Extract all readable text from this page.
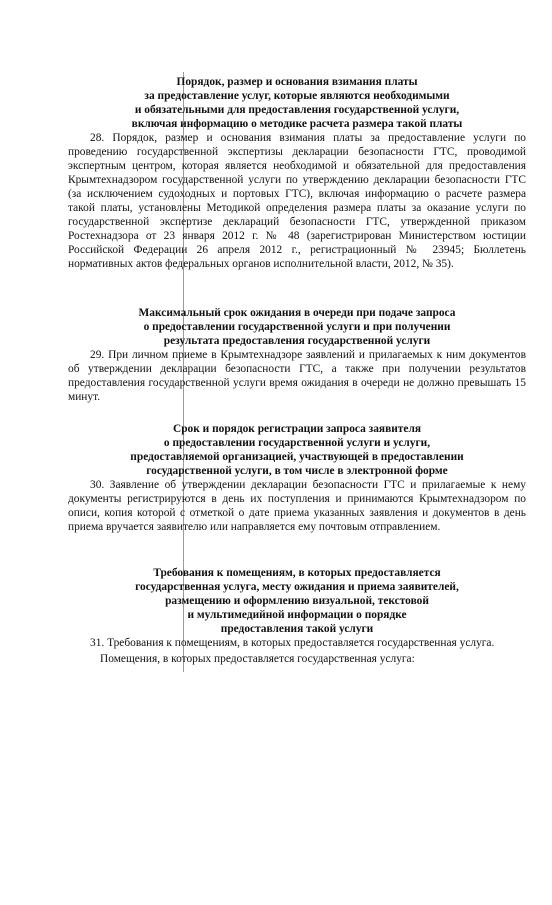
Порядок, размер и основания взимания платы

за предоставление услуг, которые являются необходимыми

и обязательными для предоставления государственной услуги,

включая информацию о методике расчета размера такой платы

28. Порядок, размер и основания взимания платы за предоставление услуги по проведению государственной экспертизы декларации безопасности ГТС, проводимой экспертным центром, которая является необходимой и обязательной для предоставления Крымтехнадзором государственной услуги по утверждению декларации безопасности ГТС (за исключением судоходных и портовых ГТС), включая информацию о расчете размера такой платы, установлены Методикой определения размера платы за оказание услуги по государственной экспертизе деклараций безопасности ГТС, утвержденной приказом Ростехнадзора от 23 января 2012 г. № 48 (зарегистрирован Министерством юстиции Российской Федерации 26 апреля 2012 г., регистрационный № 23945; Бюллетень нормативных актов федеральных органов исполнительной власти, 2012, № 35).

Максимальный срок ожидания в очереди при подаче запроса

о предоставлении государственной услуги и при получении

результата предоставления государственной услуги

29. При личном приеме в Крымтехнадзоре заявлений и прилагаемых к ним документов об утверждении декларации безопасности ГТС, а также при получении результатов предоставления государственной услуги время ожидания в очереди не должно превышать 15 минут.

Срок и порядок регистрации запроса заявителя

о предоставлении государственной услуги и услуги,

предоставляемой организацией, участвующей в предоставлении

государственной услуги, в том числе в электронной форме

30. Заявление об утверждении декларации безопасности ГТС и прилагаемые к нему документы регистрируются в день их поступления и принимаются Крымтехнадзором по описи, копия которой с отметкой о дате приема указанных заявления и документов в день приема вручается заявителю или направляется ему почтовым отправлением.

Требования к помещениям, в которых предоставляется

государственная услуга, месту ожидания и приема заявителей,

размещению и оформлению визуальной, текстовой

и мультимедийной информации о порядке

предоставления такой услуги

31. Требования к помещениям, в которых предоставляется государственная услуга.

Помещения, в которых предоставляется государственная услуга:
